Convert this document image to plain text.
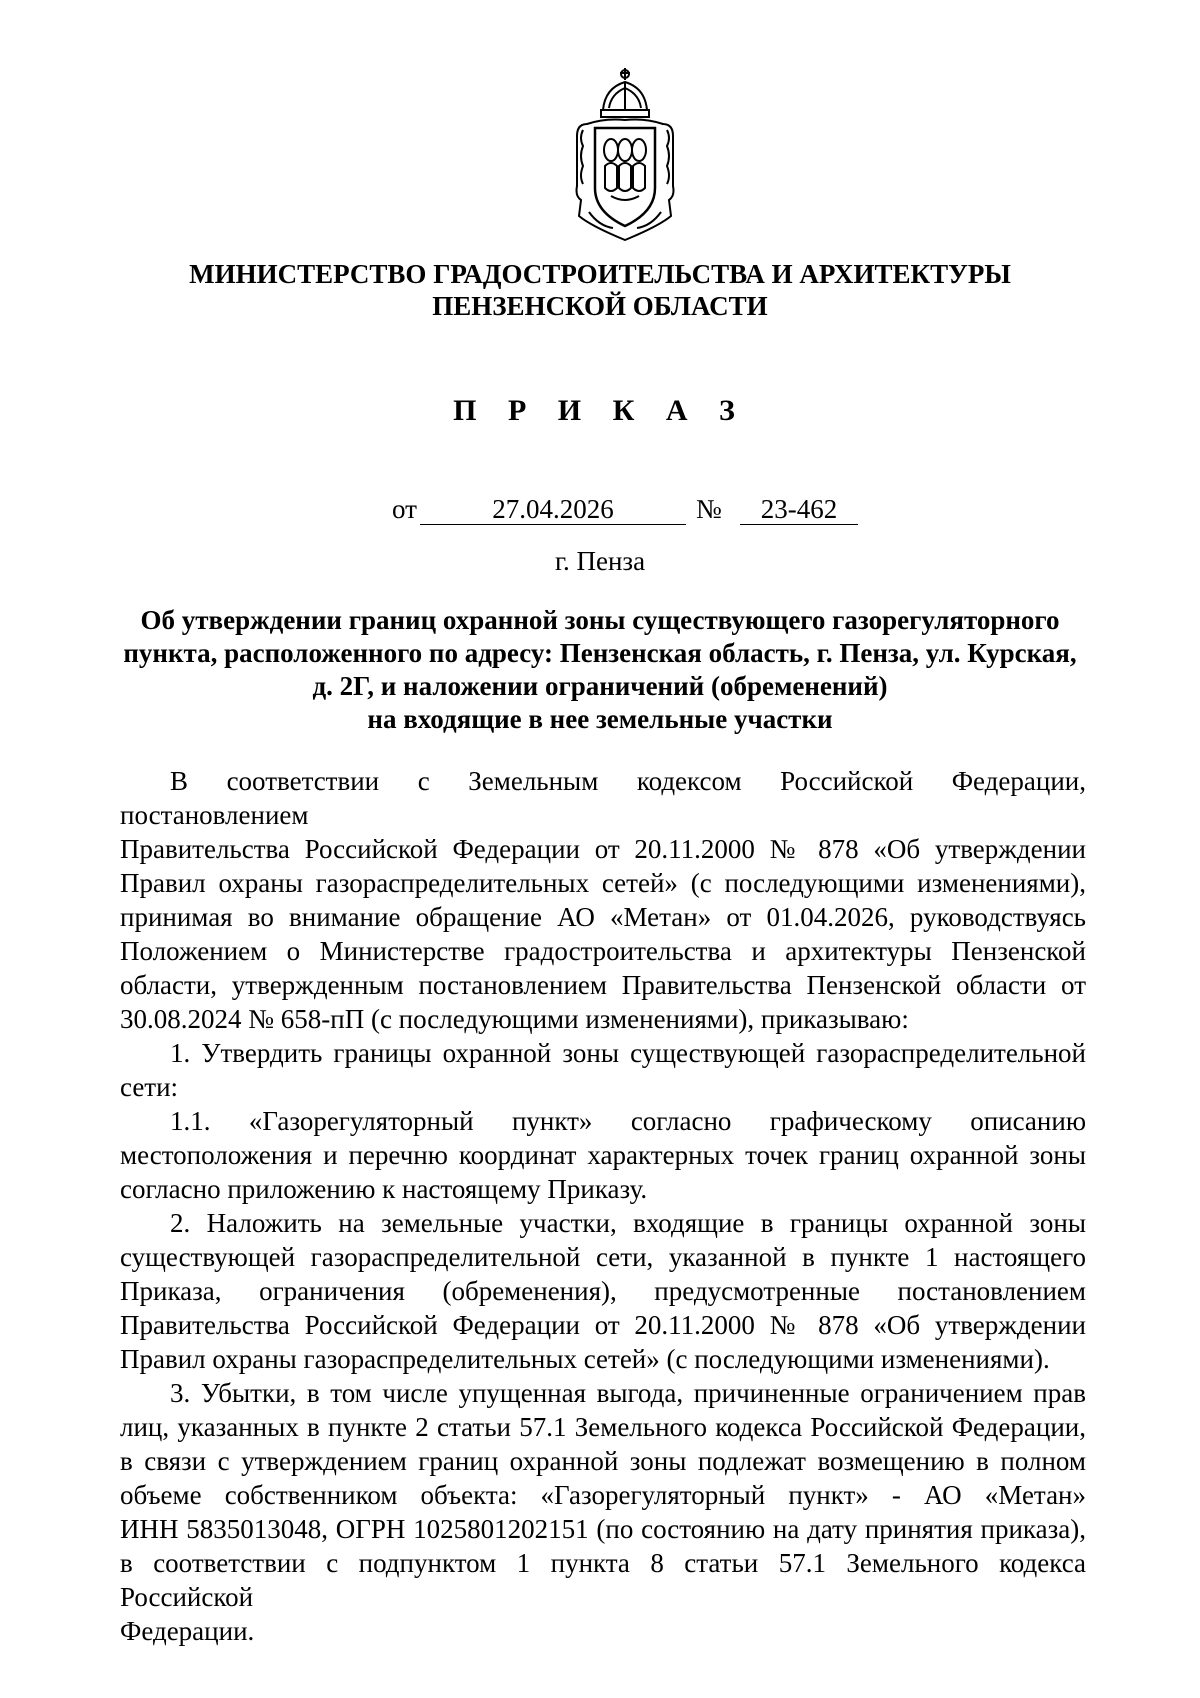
МИНИСТЕРСТВО ГРАДОСТРОИТЕЛЬСТВА И АРХИТЕКТУРЫ
ПЕНЗЕНСКОЙ ОБЛАСТИ
П Р И К А З
от	27.04.2026	№	23-462
г. Пенза
Об утверждении границ охранной зоны существующего газорегуляторного
пункта, расположенного по адресу: Пензенская область, г. Пенза, ул. Курская,
д. 2Г, и наложении ограничений (обременений)
на входящие в нее земельные участки
В соответствии с Земельным кодексом Российской Федерации, постановлением
Правительства Российской Федерации от 20.11.2000 № 878 «Об утверждении
Правил охраны газораспределительных сетей» (с последующими изменениями),
принимая во внимание обращение АО «Метан» от 01.04.2026, руководствуясь
Положением о Министерстве градостроительства и архитектуры Пензенской
области, утвержденным постановлением Правительства Пензенской области от
30.08.2024 № 658-пП (с последующими изменениями), приказываю:
1. Утвердить границы охранной зоны существующей газораспределительной
сети:
1.1. «Газорегуляторный пункт» согласно графическому описанию
местоположения и перечню координат характерных точек границ охранной зоны
согласно приложению к настоящему Приказу.
2. Наложить на земельные участки, входящие в границы охранной зоны
существующей газораспределительной сети, указанной в пункте 1 настоящего
Приказа, ограничения (обременения), предусмотренные постановлением
Правительства Российской Федерации от 20.11.2000 № 878 «Об утверждении
Правил охраны газораспределительных сетей» (с последующими изменениями).
3. Убытки, в том числе упущенная выгода, причиненные ограничением прав
лиц, указанных в пункте 2 статьи 57.1 Земельного кодекса Российской Федерации,
в связи с утверждением границ охранной зоны подлежат возмещению в полном
объеме собственником объекта: «Газорегуляторный пункт» - АО «Метан»
ИНН 5835013048, ОГРН 1025801202151 (по состоянию на дату принятия приказа),
в соответствии с подпунктом 1 пункта 8 статьи 57.1 Земельного кодекса Российской
Федерации.
